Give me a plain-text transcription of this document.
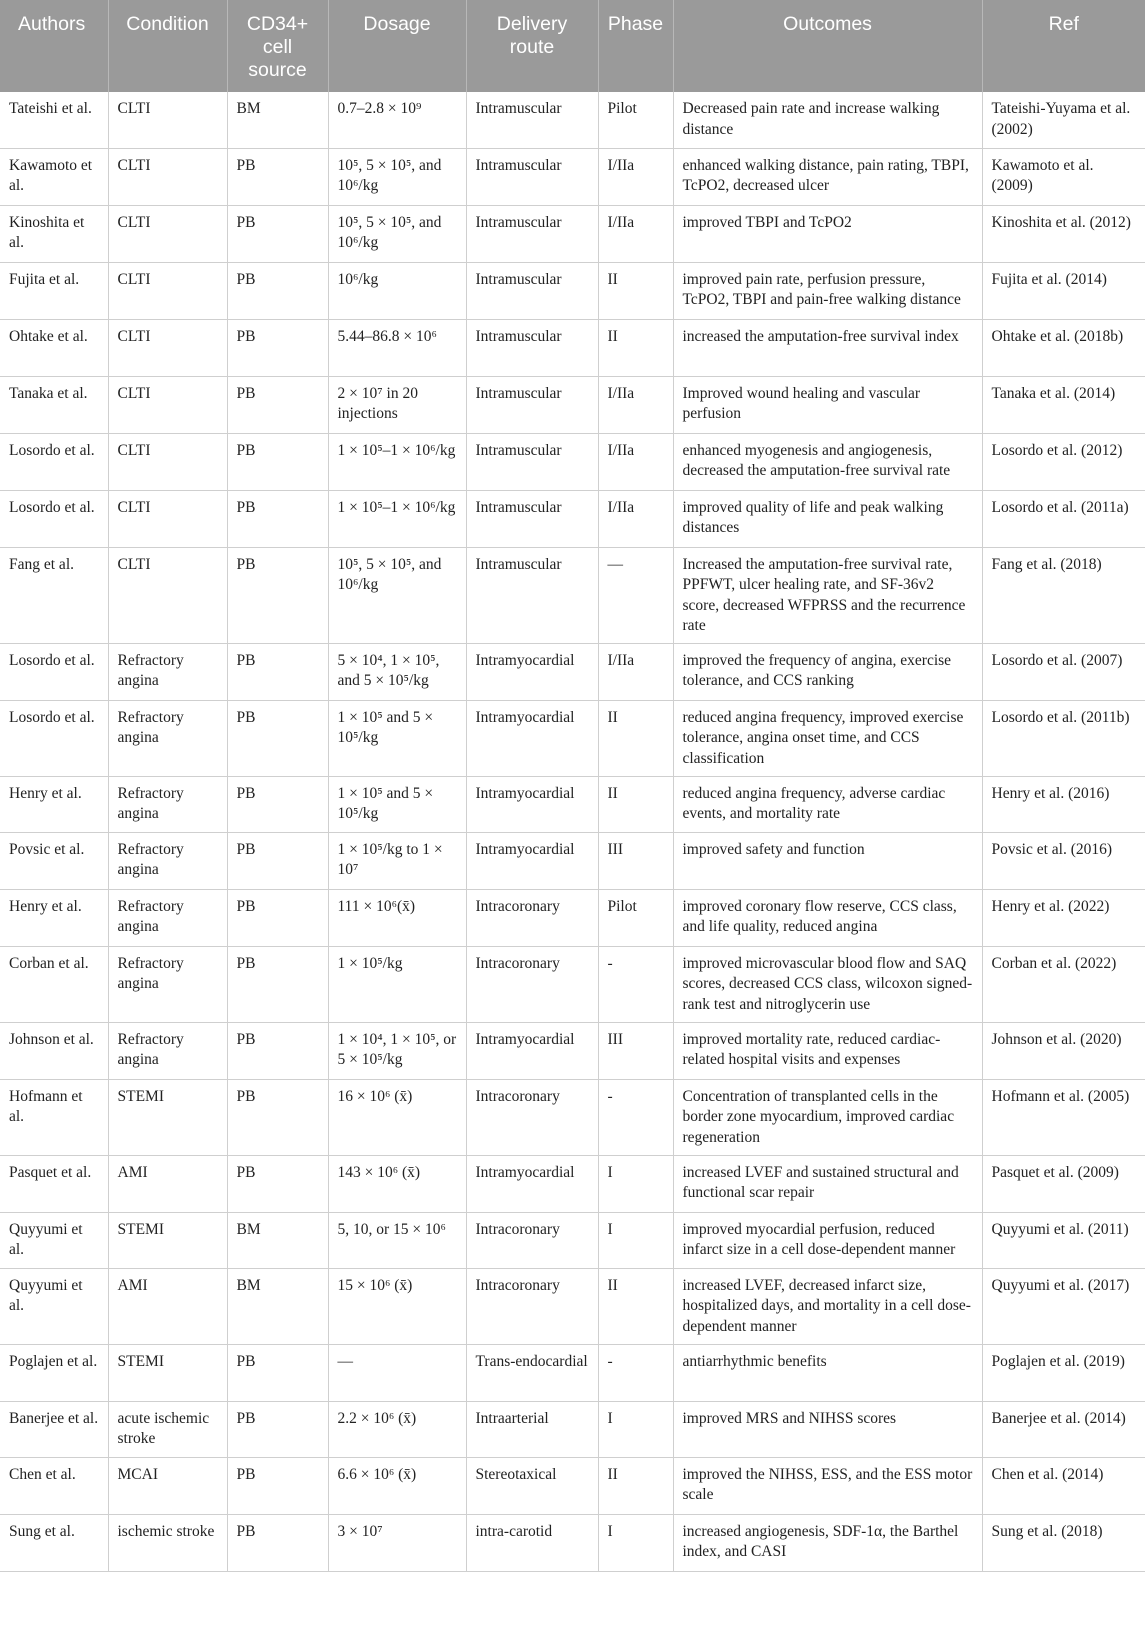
Authors	Condition	CD34+ cell source	Dosage	Delivery route	Phase	Outcomes	Ref
Tateishi et al.	CLTI	BM	0.7–2.8 × 10⁹	Intramuscular	Pilot	Decreased pain rate and increase walking distance	Tateishi-Yuyama et al. (2002)
Kawamoto et al.	CLTI	PB	10⁵, 5 × 10⁵, and 10⁶/kg	Intramuscular	I/IIa	enhanced walking distance, pain rating, TBPI, TcPO2, decreased ulcer	Kawamoto et al. (2009)
Kinoshita et al.	CLTI	PB	10⁵, 5 × 10⁵, and 10⁶/kg	Intramuscular	I/IIa	improved TBPI and TcPO2	Kinoshita et al. (2012)
Fujita et al.	CLTI	PB	10⁶/kg	Intramuscular	II	improved pain rate, perfusion pressure, TcPO2, TBPI and pain-free walking distance	Fujita et al. (2014)
Ohtake et al.	CLTI	PB	5.44–86.8 × 10⁶	Intramuscular	II	increased the amputation-free survival index	Ohtake et al. (2018b)
Tanaka et al.	CLTI	PB	2 × 10⁷ in 20 injections	Intramuscular	I/IIa	Improved wound healing and vascular perfusion	Tanaka et al. (2014)
Losordo et al.	CLTI	PB	1 × 10⁵–1 × 10⁶/kg	Intramuscular	I/IIa	enhanced myogenesis and angiogenesis, decreased the amputation-free survival rate	Losordo et al. (2012)
Losordo et al.	CLTI	PB	1 × 10⁵–1 × 10⁶/kg	Intramuscular	I/IIa	improved quality of life and peak walking distances	Losordo et al. (2011a)
Fang et al.	CLTI	PB	10⁵, 5 × 10⁵, and 10⁶/kg	Intramuscular	—	Increased the amputation-free survival rate, PPFWT, ulcer healing rate, and SF-36v2 score, decreased WFPRSS and the recurrence rate	Fang et al. (2018)
Losordo et al.	Refractory angina	PB	5 × 10⁴, 1 × 10⁵, and 5 × 10⁵/kg	Intramyocardial	I/IIa	improved the frequency of angina, exercise tolerance, and CCS ranking	Losordo et al. (2007)
Losordo et al.	Refractory angina	PB	1 × 10⁵ and 5 × 10⁵/kg	Intramyocardial	II	reduced angina frequency, improved exercise tolerance, angina onset time, and CCS classification	Losordo et al. (2011b)
Henry et al.	Refractory angina	PB	1 × 10⁵ and 5 × 10⁵/kg	Intramyocardial	II	reduced angina frequency, adverse cardiac events, and mortality rate	Henry et al. (2016)
Povsic et al.	Refractory angina	PB	1 × 10⁵/kg to 1 × 10⁷	Intramyocardial	III	improved safety and function	Povsic et al. (2016)
Henry et al.	Refractory angina	PB	111 × 10⁶(x̄)	Intracoronary	Pilot	improved coronary flow reserve, CCS class, and life quality, reduced angina	Henry et al. (2022)
Corban et al.	Refractory angina	PB	1 × 10⁵/kg	Intracoronary	-	improved microvascular blood flow and SAQ scores, decreased CCS class, wilcoxon signed-rank test and nitroglycerin use	Corban et al. (2022)
Johnson et al.	Refractory angina	PB	1 × 10⁴, 1 × 10⁵, or 5 × 10⁵/kg	Intramyocardial	III	improved mortality rate, reduced cardiac-related hospital visits and expenses	Johnson et al. (2020)
Hofmann et al.	STEMI	PB	16 × 10⁶ (x̄)	Intracoronary	-	Concentration of transplanted cells in the border zone myocardium, improved cardiac regeneration	Hofmann et al. (2005)
Pasquet et al.	AMI	PB	143 × 10⁶ (x̄)	Intramyocardial	I	increased LVEF and sustained structural and functional scar repair	Pasquet et al. (2009)
Quyyumi et al.	STEMI	BM	5, 10, or 15 × 10⁶	Intracoronary	I	improved myocardial perfusion, reduced infarct size in a cell dose-dependent manner	Quyyumi et al. (2011)
Quyyumi et al.	AMI	BM	15 × 10⁶ (x̄)	Intracoronary	II	increased LVEF, decreased infarct size, hospitalized days, and mortality in a cell dose-dependent manner	Quyyumi et al. (2017)
Poglajen et al.	STEMI	PB	—	Trans-endocardial	-	antiarrhythmic benefits	Poglajen et al. (2019)
Banerjee et al.	acute ischemic stroke	PB	2.2 × 10⁶ (x̄)	Intraarterial	I	improved MRS and NIHSS scores	Banerjee et al. (2014)
Chen et al.	MCAI	PB	6.6 × 10⁶ (x̄)	Stereotaxical	II	improved the NIHSS, ESS, and the ESS motor scale	Chen et al. (2014)
Sung et al.	ischemic stroke	PB	3 × 10⁷	intra-carotid	I	increased angiogenesis, SDF-1α, the Barthel index, and CASI	Sung et al. (2018)
